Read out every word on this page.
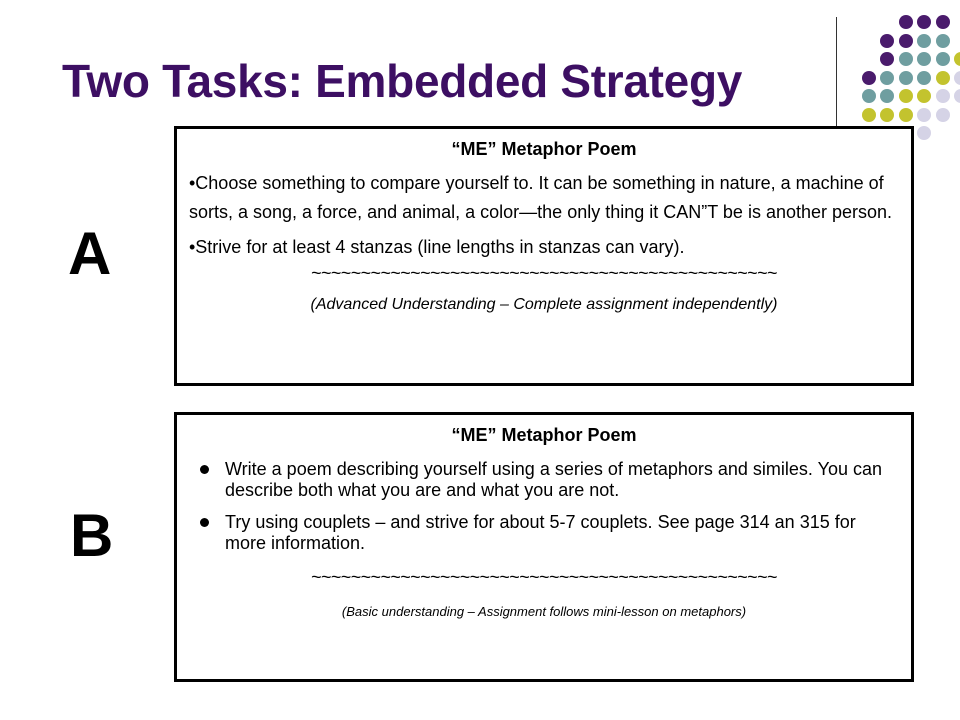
Two Tasks: Embedded Strategy
A
“ME” Metaphor Poem
•Choose something to compare yourself to. It can be something in nature, a machine of sorts, a song, a force, and animal, a color—the only thing it CAN”T be is another person.
•Strive for at least 4 stanzas (line lengths in stanzas can vary).
~~~~~~~~~~~~~~~~~~~~~~~~~~~~~~~~~~~~~~~~~~~~~~~
(Advanced Understanding – Complete assignment independently)
B
“ME” Metaphor Poem
Write a poem describing yourself using a series of metaphors and similes. You can describe both what you are and what you are not.
Try using couplets – and strive for about 5-7 couplets. See page 314 an 315 for more information.
~~~~~~~~~~~~~~~~~~~~~~~~~~~~~~~~~~~~~~~~~~~~~~~
(Basic understanding – Assignment follows mini-lesson on metaphors)
